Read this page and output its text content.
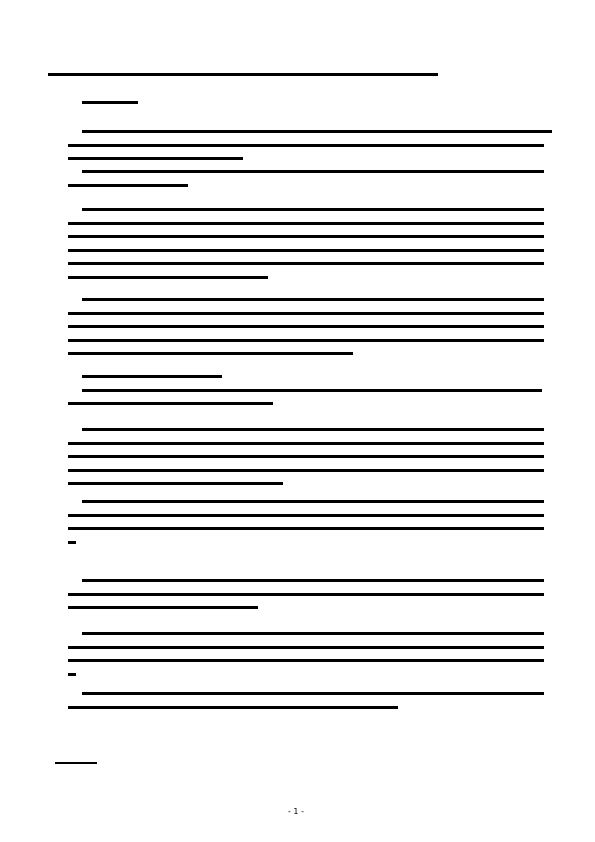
- 1 -
